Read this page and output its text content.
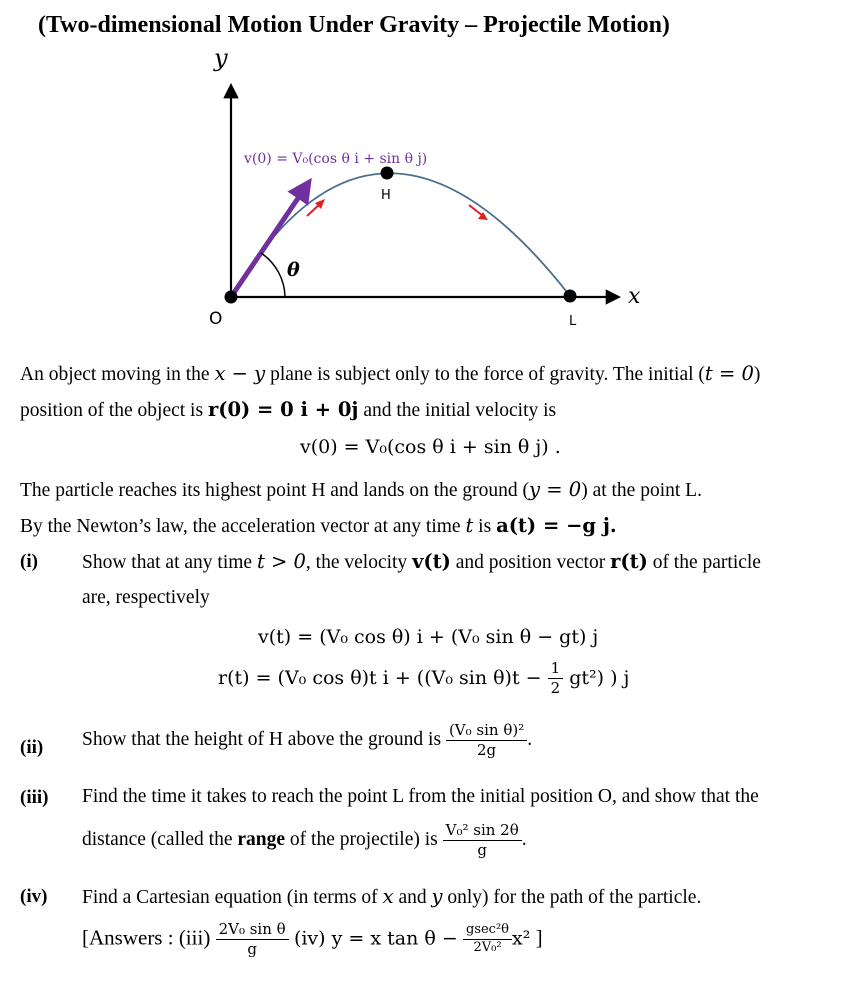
(Two-dimensional Motion Under Gravity – Projectile Motion)
y
x
O
H
L
θ
v(0) = V₀(cos θ i + sin θ j)
An object moving in the x − y plane is subject only to the force of gravity. The initial (t = 0)
position of the object is r(0) = 0 i + 0j and the initial velocity is
v(0) = V₀(cos θ i + sin θ j) .
The particle reaches its highest point H and lands on the ground (y = 0) at the point L.
By the Newton’s law, the acceleration vector at any time t is a(t) = −g j.
(i) Show that at any time t > 0, the velocity v(t) and position vector r(t) of the particle
are, respectively
v(t) = (V₀ cos θ) i + (V₀ sin θ − gt) j
r(t) = (V₀ cos θ)t i + ((V₀ $\sin \theta)t - \frac{1}{2} gt^2$) ) j
(ii) Show that the height of H above the ground is $\frac{\text{(V₀ sin θ)²}}{2g}$ .
(iii) Find the time it takes to reach the point L from the initial position O, and show that the
distance (called the range of the projectile) is $\frac{\text{V₀² sin 2θ}}{g}$ .
(iv) Find a Cartesian equation (in terms of x and y only) for the path of the particle.
[Answers : $(iii) \frac{\text{2V₀ sin θ}}{g} (iv) y = x$ $\tan \theta - \frac{\text{gsec²θ}}{\text{2V₀²}} x^2$ ]
